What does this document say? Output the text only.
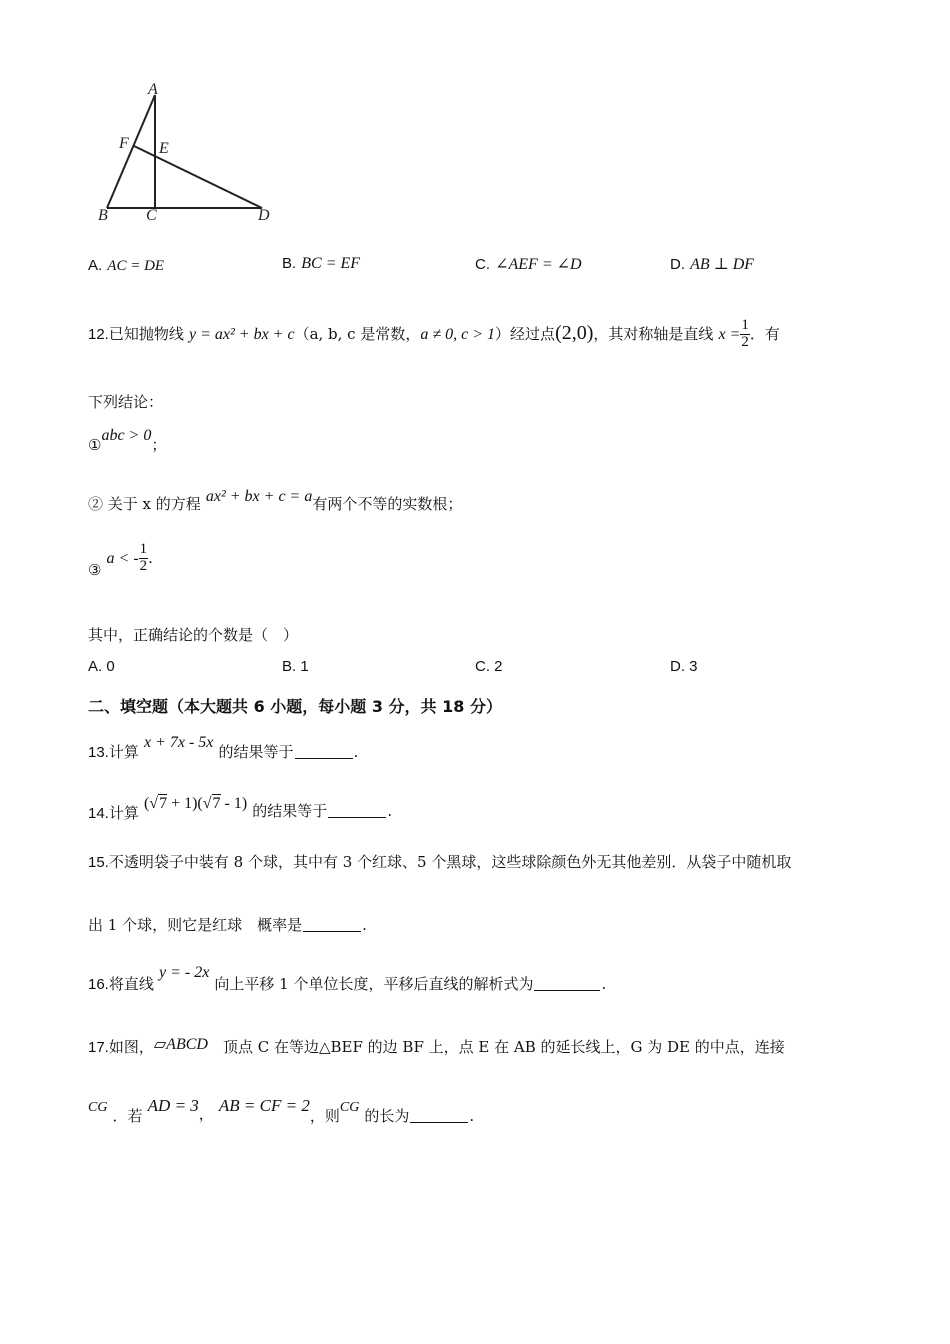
A
F E
B C	D
A. AC = DE	B. BC = EF	C. ∠AEF = ∠D	D. AB ⊥ DF
12.已知抛物线 y = ax² + bx + c（a, b, c 是常数，a ≠ 0, c > 1）经过点(2,0)，其对称轴是直线 $x = \frac{1}{2}$ ．有
下列结论：
①abc > 0；
② 关于 x 的方程 ax² + bx + c = a有两个不等的实数根；
③ a < - $\frac{1}{2}$ .
其中，正确结论的个数是（　）
A. 0	B. 1	C. 2	D. 3
二、填空题（本大题共 6 小题，每小题 3 分，共 18 分）
13.计算 x + 7x - 5x 的结果等于	.
14.计算 (√7 + 1)(√7 - 1) 的结果等于	.
15.不透明袋子中装有 8 个球，其中有 3 个红球、5 个黑球，这些球除颜色外无其他差别．从袋子中随机取
出 1 个球，则它是红球　概率是	.
16.将直线 y = - 2x 向上平移 1 个单位长度，平移后直线的解析式为	.
17.如图，▱ABCD　顶点 C 在等边△BEF 的边 BF 上，点 E 在 AB 的延长线上，G 为 DE 的中点，连接
CG ．若 AD = 3， AB = CF = 2，则CG 的长为	.
